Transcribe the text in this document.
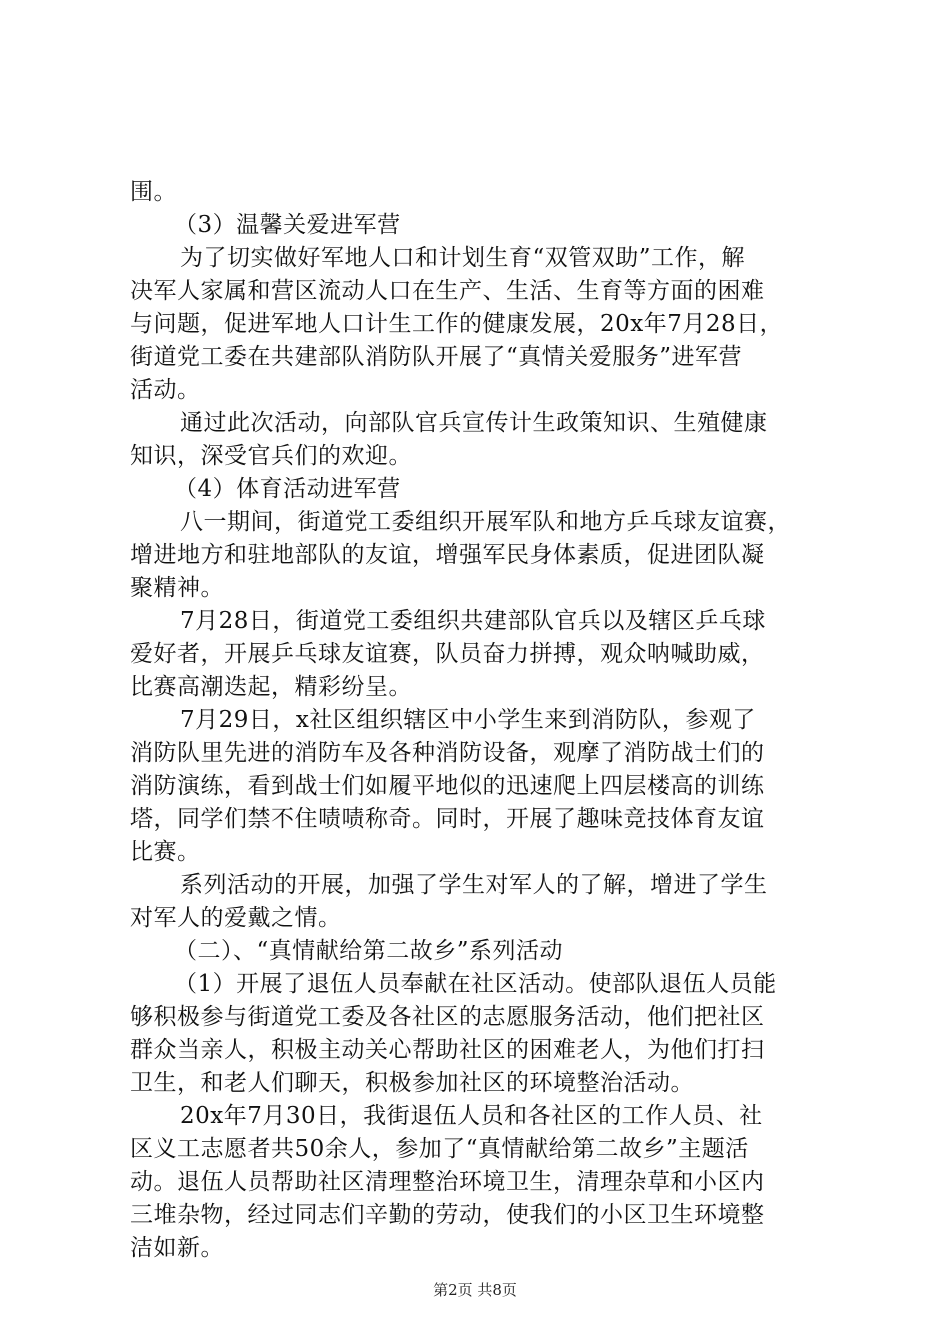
围。
（3）温馨关爱进军营
为了切实做好军地人口和计划生育“双管双助”工作，解
决军人家属和营区流动人口在生产、生活、生育等方面的困难
与问题，促进军地人口计生工作的健康发展，20x年7月28日，
街道党工委在共建部队消防队开展了“真情关爱服务”进军营
活动。
通过此次活动，向部队官兵宣传计生政策知识、生殖健康
知识，深受官兵们的欢迎。
（4）体育活动进军营
八一期间，街道党工委组织开展军队和地方乒乓球友谊赛，
增进地方和驻地部队的友谊，增强军民身体素质，促进团队凝
聚精神。
7月28日，街道党工委组织共建部队官兵以及辖区乒乓球
爱好者，开展乒乓球友谊赛，队员奋力拼搏，观众呐喊助威，
比赛高潮迭起，精彩纷呈。
7月29日，x社区组织辖区中小学生来到消防队，参观了
消防队里先进的消防车及各种消防设备，观摩了消防战士们的
消防演练，看到战士们如履平地似的迅速爬上四层楼高的训练
塔，同学们禁不住啧啧称奇。同时，开展了趣味竞技体育友谊
比赛。
系列活动的开展，加强了学生对军人的了解，增进了学生
对军人的爱戴之情。
（二）、“真情献给第二故乡”系列活动
（1）开展了退伍人员奉献在社区活动。使部队退伍人员能
够积极参与街道党工委及各社区的志愿服务活动，他们把社区
群众当亲人，积极主动关心帮助社区的困难老人，为他们打扫
卫生，和老人们聊天，积极参加社区的环境整治活动。
20x年7月30日，我街退伍人员和各社区的工作人员、社
区义工志愿者共50余人，参加了“真情献给第二故乡”主题活
动。退伍人员帮助社区清理整治环境卫生，清理杂草和小区内
三堆杂物，经过同志们辛勤的劳动，使我们的小区卫生环境整
洁如新。
第2页 共8页
